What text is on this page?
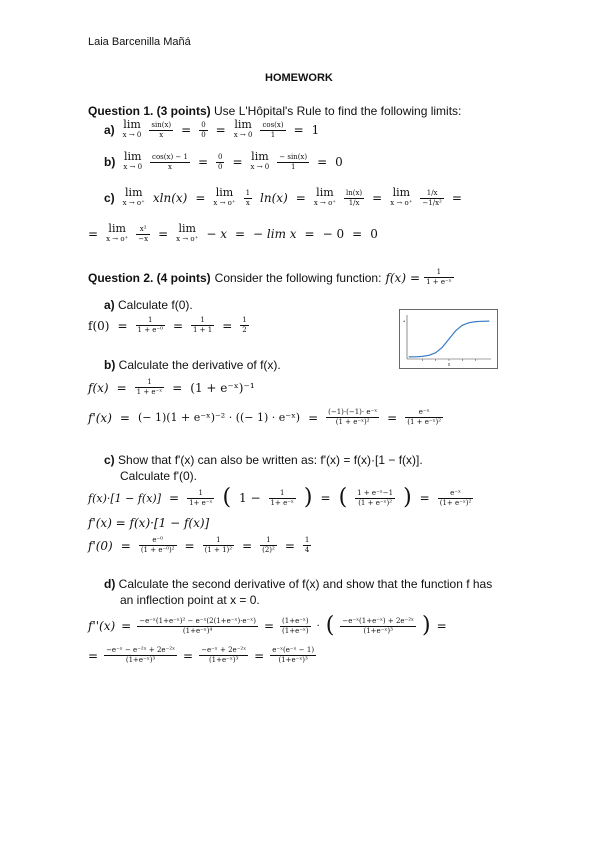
Laia Barcenilla Mañá
HOMEWORK
Question 1. (3 points) Use L'Hôpital's Rule to find the following limits:
a) lim
$x \to 0 \frac{\sin(x)}{x} = \frac{0}{0} = \lim$
$x \to 0 \frac{\cos(x)}{1} = 1$
b) lim
$x \to 0 \frac{\cos(x) - 1}{x} = \frac{0}{0} = \lim$
$x \to 0 \frac{- \sin(x)}{1} = 0$
c) lim
x → o⁺ xln(x) = lim
$x \to o^+ \frac{1}{x} \ln(x) = \lim$
$x \to o^+ \frac{\ln(x)}{1/x} = \lim$
$x \to o^+ \frac{1/x}{\text{−1/x²}}$ =
= lim
$x \to o^+ \frac{\text{x²}}{-x} = \lim$
x → o⁺ − x = − lim x = − 0 = 0
Question 2. (4 points) Consider the following function: $f(x) = \frac{1}{\text{1 + e⁻ˣ}}$
a) Calculate f(0).
$f(0) = \frac{1}{\text{1 + e⁻⁰}} = \frac{1}{1 + 1} = \frac{1}{2}$	•
x
b) Calculate the derivative of f(x).
$f(x) = \frac{1}{\text{1 + e⁻ˣ}} = (1$ + e⁻ˣ)⁻¹
f'(x) = (− 1)(1 + e⁻ˣ)⁻² · ((− 1) · e⁻ˣ) = $\frac{\text{(−1)·(−1)· e⁻ˣ}}{\text{(1 + e⁻ˣ)²}} = \frac{\text{e⁻ˣ}}{\text{(1 + e⁻ˣ)²}}$
c) Show that f'(x) can also be written as: f'(x) = f(x)·[1 − f(x)].
Calculate f'(0).
$f(x)\cdot[1 - f(x)] = \frac{1}{\text{1+ e⁻ˣ}}$ ( $1 - \frac{1}{\text{1+ e⁻ˣ}}$ ) = ( $\frac{\text{1 + e⁻ˣ−1}}{\text{(1 + e⁻ˣ)²}}$ ) = $\frac{\text{e⁻ˣ}}{\text{(1+ e⁻ˣ)²}}$
f'(x) = f(x)·[1 − f(x)]
$f'(0) = \frac{\text{e⁻⁰}}{\text{(1 + e⁻⁰)²}} = \frac{1}{\text{(1 + 1)²}} = \frac{1}{\text{(2)²}} = \frac{1}{4}$
d) Calculate the second derivative of f(x) and show that the function f has
an inflection point at x = 0.
$f''(x) = \frac{\text{−e⁻ˣ(1+e⁻ˣ)² − e⁻ˣ(2(1+e⁻ˣ)·e⁻ˣ)}}{\text{(1+e⁻ˣ)⁴}} = \frac{\text{(1+e⁻ˣ)}}{\text{(1+e⁻ˣ)}}$ · ( $\frac{\text{−e⁻ˣ(1+e⁻ˣ) + 2e⁻²ˣ}}{\text{(1+e⁻ˣ)³}}$ ) =
= $\frac{\text{−e⁻ˣ − e⁻²ˣ + 2e⁻²ˣ}}{\text{(1+e⁻ˣ)³}} = \frac{\text{−e⁻ˣ + 2e⁻²ˣ}}{\text{(1+e⁻ˣ)³}} = \frac{\text{e⁻ˣ(e⁻ˣ − 1)}}{\text{(1+e⁻ˣ)³}}$
